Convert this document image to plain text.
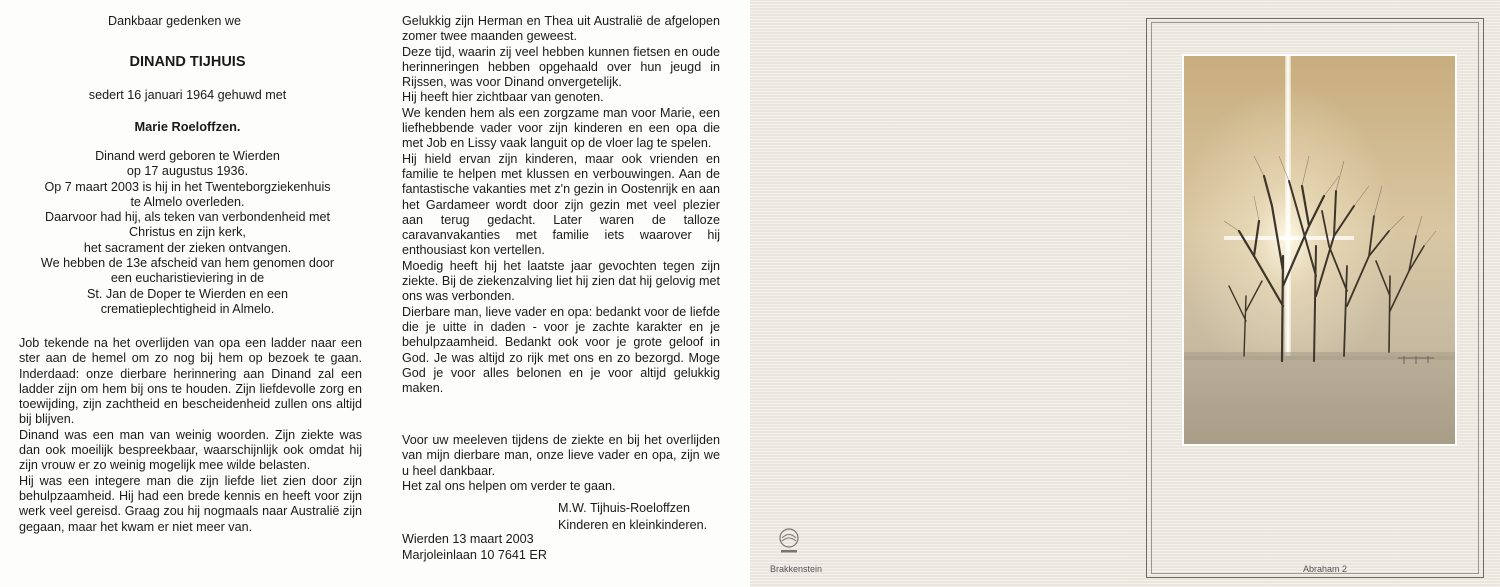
Dankbaar gedenken we

DINAND TIJHUIS

sedert 16 januari 1964 gehuwd met

Marie Roeloffzen.

Dinand werd geboren te Wierden
op 17 augustus 1936.
Op 7 maart 2003 is hij in het Twenteborgziekenhuis
te Almelo overleden.
Daarvoor had hij, als teken van verbondenheid met
Christus en zijn kerk,
het sacrament der zieken ontvangen.
We hebben de 13e afscheid van hem genomen door
een eucharistieviering in de
St. Jan de Doper te Wierden en een
crematieplechtigheid in Almelo.
Job tekende na het overlijden van opa een ladder naar een ster aan de hemel om zo nog bij hem op bezoek te gaan. Inderdaad: onze dierbare herinnering aan Dinand zal een ladder zijn om hem bij ons te houden. Zijn liefdevolle zorg en toewijding, zijn zachtheid en bescheidenheid zullen ons altijd bij blijven.
Dinand was een man van weinig woorden. Zijn ziekte was dan ook moeilijk bespreekbaar, waarschijnlijk ook omdat hij zijn vrouw er zo weinig mogelijk mee wilde belasten.
Hij was een integere man die zijn liefde liet zien door zijn behulpzaamheid. Hij had een brede kennis en heeft voor zijn werk veel gereisd. Graag zou hij nogmaals naar Australië zijn gegaan, maar het kwam er niet meer van.
Gelukkig zijn Herman en Thea uit Australië de afgelopen zomer twee maanden geweest.
Deze tijd, waarin zij veel hebben kunnen fietsen en oude herinneringen hebben opgehaald over hun jeugd in Rijssen, was voor Dinand onvergetelijk.
Hij heeft hier zichtbaar van genoten.
We kenden hem als een zorgzame man voor Marie, een liefhebbende vader voor zijn kinderen en een opa die met Job en Lissy vaak languit op de vloer lag te spelen.
Hij hield ervan zijn kinderen, maar ook vrienden en familie te helpen met klussen en verbouwingen. Aan de fantastische vakanties met z'n gezin in Oostenrijk en aan het Gardameer wordt door zijn gezin met veel plezier aan terug gedacht. Later waren de talloze caravanvakanties met familie iets waarover hij enthousiast kon vertellen.
Moedig heeft hij het laatste jaar gevochten tegen zijn ziekte. Bij de ziekenzalving liet hij zien dat hij gelovig met ons was verbonden.
Dierbare man, lieve vader en opa: bedankt voor de liefde die je uitte in daden - voor je zachte karakter en je behulpzaamheid. Bedankt ook voor je grote geloof in God. Je was altijd zo rijk met ons en zo bezorgd. Moge God je voor alles belonen en je voor altijd gelukkig maken.
Voor uw meeleven tijdens de ziekte en bij het overlijden van mijn dierbare man, onze lieve vader en opa, zijn we u heel dankbaar.
Het zal ons helpen om verder te gaan.
M.W. Tijhuis-Roeloffzen
Kinderen en kleinkinderen.
Wierden 13 maart 2003
Marjoleinlaan 10 7641 ER

Brakkenstein	Abraham 2
